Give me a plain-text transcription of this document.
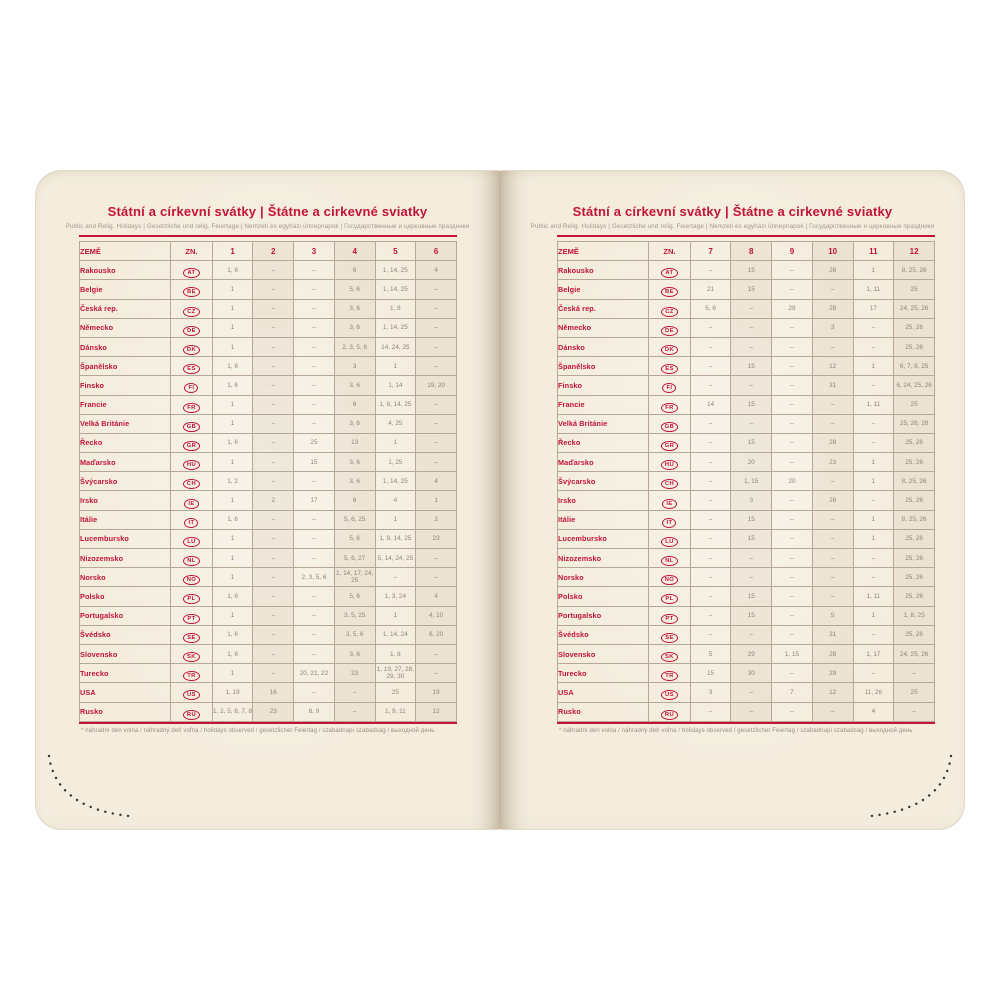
Státní a církevní svátky | Štátne a cirkevné sviatky
Public and Relig. Holidays | Gesetzliche und relig. Feiertage | Nemzeti és egyházi ünnepnapok | Государственные и церковные праздники
ZEMĚ	ZN.	1	2	3	4	5	6
Rakousko	AT	1, 6	–	–	6	1, 14, 25	4
Belgie	BE	1	–	–	5, 6	1, 14, 25	–
Česká rep.	CZ	1	–	–	3, 6	1, 8	–
Německo	DE	1	–	–	3, 6	1, 14, 25	–
Dánsko	DK	1	–	–	2, 3, 5, 6	14, 24, 25	–
Španělsko	ES	1, 6	–	–	3	1	–
Finsko	FI	1, 6	–	–	3, 6	1, 14	19, 20
Francie	FR	1	–	–	6	1, 8, 14, 25	–
Velká Británie	GB	1	–	–	3, 6	4, 25	–
Řecko	GR	1, 6	–	25	13	1	–
Maďarsko	HU	1	–	15	3, 6	1, 25	–
Švýcarsko	CH	1, 2	–	–	3, 6	1, 14, 25	4
Irsko	IE	1	2	17	6	4	1
Itálie	IT	1, 6	–	–	5, 6, 25	1	2
Lucembursko	LU	1	–	–	5, 6	1, 9, 14, 25	23
Nizozemsko	NL	1	–	–	5, 6, 27	5, 14, 24, 25	–
Norsko	NO	1	–	2, 3, 5, 6	1, 14, 17, 24, 25	–	–
Polsko	PL	1, 6	–	–	5, 6	1, 3, 24	4
Portugalsko	PT	1	–	–	3, 5, 25	1	4, 10
Švédsko	SE	1, 6	–	–	3, 5, 6	1, 14, 24	6, 20
Slovensko	SK	1, 6	–	–	3, 6	1, 8	–
Turecko	TR	1	–	20, 21, 22	23	1, 19, 27, 28, 29, 30	–
USA	US	1, 19	16	–	–	25	19
Rusko	RU	1, 2, 5, 6, 7, 8	23	8, 9	–	1, 9, 11	12
* náhradní den volna / náhradný deň voľna / holidays observed / gesetzlicher Feiertag / szabadnapi szabadság / выходной день
Státní a církevní svátky | Štátne a cirkevné sviatky
Public and Relig. Holidays | Gesetzliche und relig. Feiertage | Nemzeti és egyházi ünnepnapok | Государственные и церковные праздники
ZEMĚ	ZN.	7	8	9	10	11	12
Rakousko	AT	–	15	–	26	1	8, 25, 26
Belgie	BE	21	15	–	–	1, 11	25
Česká rep.	CZ	5, 6	–	28	28	17	24, 25, 26
Německo	DE	–	–	–	3	–	25, 26
Dánsko	DK	–	–	–	–	–	25, 26
Španělsko	ES	–	15	–	12	1	6, 7, 8, 25
Finsko	FI	–	–	–	31	–	6, 24, 25, 26
Francie	FR	14	15	–	–	1, 11	25
Velká Británie	GB	–	–	–	–	–	25, 26, 28
Řecko	GR	–	15	–	28	–	25, 26
Maďarsko	HU	–	20	–	23	1	25, 26
Švýcarsko	CH	–	1, 15	20	–	1	8, 25, 26
Irsko	IE	–	3	–	26	–	25, 26
Itálie	IT	–	15	–	–	1	8, 25, 26
Lucembursko	LU	–	15	–	–	1	25, 26
Nizozemsko	NL	–	–	–	–	–	25, 26
Norsko	NO	–	–	–	–	–	25, 26
Polsko	PL	–	15	–	–	1, 11	25, 26
Portugalsko	PT	–	15	–	5	1	1, 8, 25
Švédsko	SE	–	–	–	31	–	25, 26
Slovensko	SK	5	29	1, 15	28	1, 17	24, 25, 26
Turecko	TR	15	30	–	29	–	–
USA	US	3	–	7	12	11, 26	25
Rusko	RU	–	–	–	–	4	–
* náhradní den volna / náhradný deň voľna / holidays observed / gesetzlicher Feiertag / szabadnapi szabadság / выходной день
